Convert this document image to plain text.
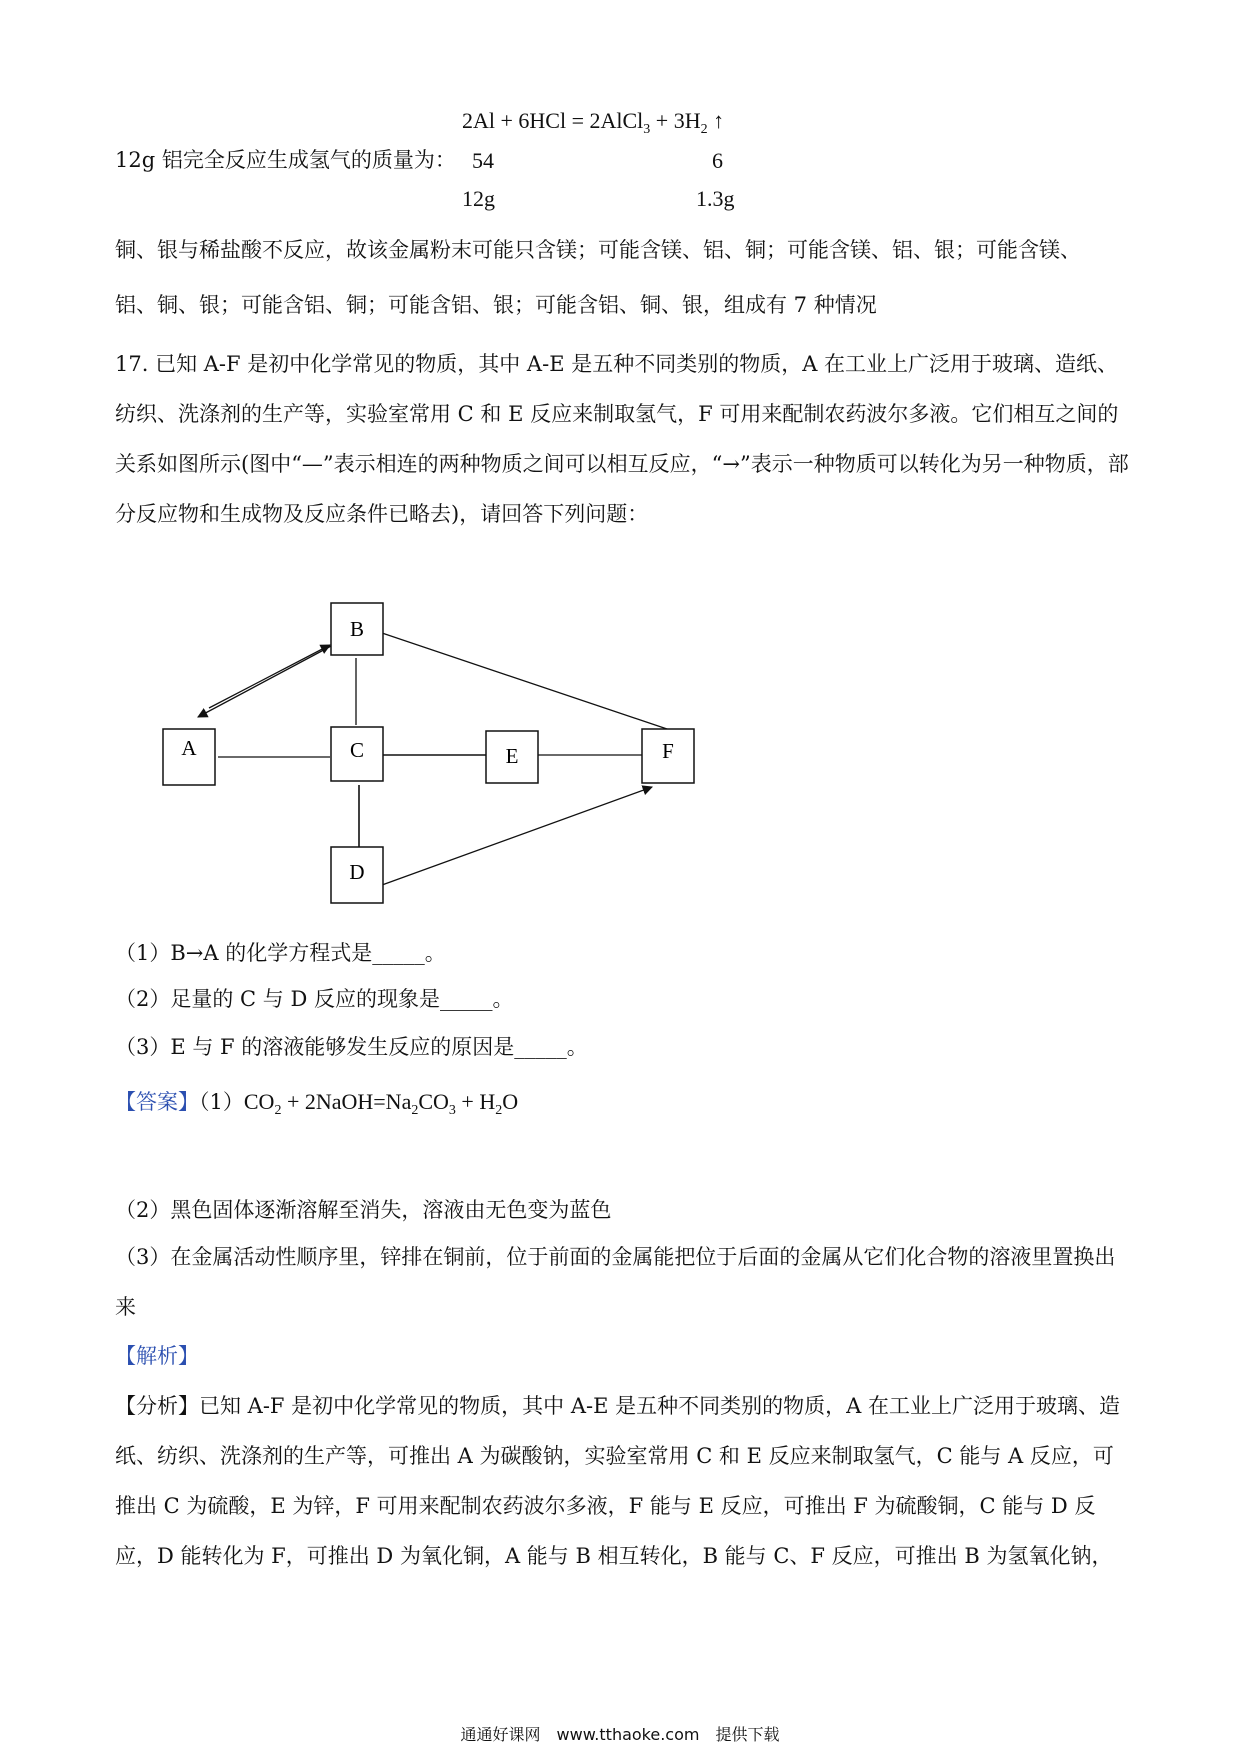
2Al + 6HCl = 2AlCl$_3$ + $3H_2$ ↑
12g 铝完全反应生成氢气的质量为： 54	6
12g	1.3g
铜、银与稀盐酸不反应，故该金属粉末可能只含镁；可能含镁、铝、铜；可能含镁、铝、银；可能含镁、
铝、铜、银；可能含铝、铜；可能含铝、银；可能含铝、铜、银，组成有 7 种情况
17. 已知 A-F 是初中化学常见的物质，其中 A-E 是五种不同类别的物质，A 在工业上广泛用于玻璃、造纸、纺织、洗涤剂的生产等，实验室常用 C 和 E 反应来制取氢气，F 可用来配制农药波尔多液。它们相互之间的关系如图所示(图中“—”表示相连的两种物质之间可以相互反应，“→”表示一种物质可以转化为另一种物质，部分反应物和生成物及反应条件已略去)，请回答下列问题：
B
A	C	E	F
D
（1）B→A 的化学方程式是_____。
（2）足量的 C 与 D 反应的现象是_____。
（3）E 与 F 的溶液能够发生反应的原因是_____。
【答案】$(1)CO_2$ + $2NaOH=Na_2CO_3 + H_2O$
（2）黑色固体逐渐溶解至消失，溶液由无色变为蓝色
（3）在金属活动性顺序里，锌排在铜前，位于前面的金属能把位于后面的金属从它们化合物的溶液里置换出来
【解析】
【分析】已知 A-F 是初中化学常见的物质，其中 A-E 是五种不同类别的物质，A 在工业上广泛用于玻璃、造纸、纺织、洗涤剂的生产等，可推出 A 为碳酸钠，实验室常用 C 和 E 反应来制取氢气，C 能与 A 反应，可推出 C 为硫酸，E 为锌，F 可用来配制农药波尔多液，F 能与 E 反应，可推出 F 为硫酸铜，C 能与 D 反应，D 能转化为 F，可推出 D 为氧化铜，A 能与 B 相互转化，B 能与 C、F 反应，可推出 B 为氢氧化钠，
通通好课网　www.tthaoke.com　提供下载
